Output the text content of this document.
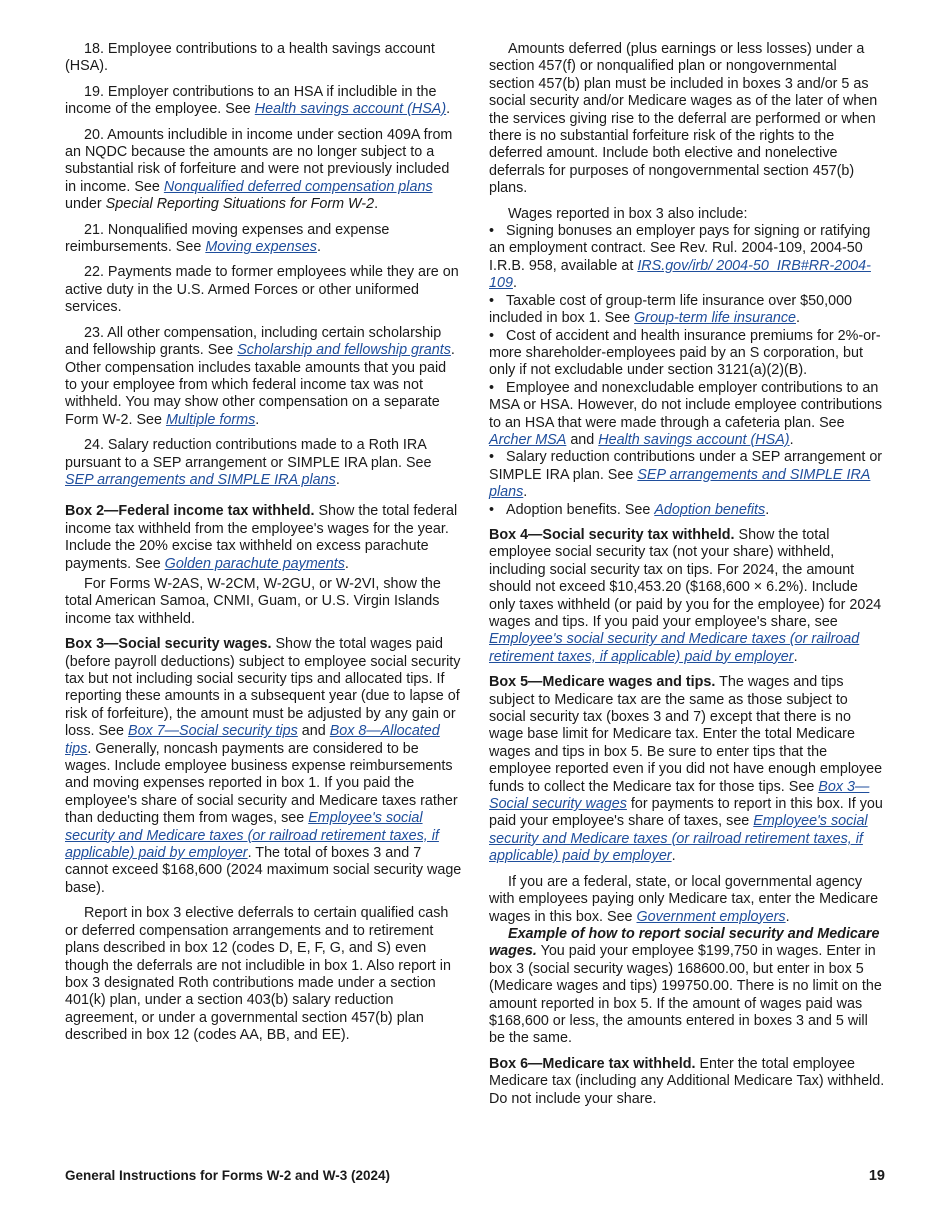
18. Employee contributions to a health savings account (HSA).

19. Employer contributions to an HSA if includible in the income of the employee. See Health savings account (HSA).

20. Amounts includible in income under section 409A from an NQDC because the amounts are no longer subject to a substantial risk of forfeiture and were not previously included in income. See Nonqualified deferred compensation plans under Special Reporting Situations for Form W-2.

21. Nonqualified moving expenses and expense reimbursements. See Moving expenses.

22. Payments made to former employees while they are on active duty in the U.S. Armed Forces or other uniformed services.

23. All other compensation, including certain scholarship and fellowship grants. See Scholarship and fellowship grants. Other compensation includes taxable amounts that you paid to your employee from which federal income tax was not withheld. You may show other compensation on a separate Form W-2. See Multiple forms.

24. Salary reduction contributions made to a Roth IRA pursuant to a SEP arrangement or SIMPLE IRA plan. See SEP arrangements and SIMPLE IRA plans.

Box 2—Federal income tax withheld. Show the total federal income tax withheld from the employee's wages for the year. Include the 20% excise tax withheld on excess parachute payments. See Golden parachute payments.

For Forms W-2AS, W-2CM, W-2GU, or W-2VI, show the total American Samoa, CNMI, Guam, or U.S. Virgin Islands income tax withheld.

Box 3—Social security wages. Show the total wages paid (before payroll deductions) subject to employee social security tax but not including social security tips and allocated tips. If reporting these amounts in a subsequent year (due to lapse of risk of forfeiture), the amount must be adjusted by any gain or loss. See Box 7—Social security tips and Box 8—Allocated tips. Generally, noncash payments are considered to be wages. Include employee business expense reimbursements and moving expenses reported in box 1. If you paid the employee's share of social security and Medicare taxes rather than deducting them from wages, see Employee's social security and Medicare taxes (or railroad retirement taxes, if applicable) paid by employer. The total of boxes 3 and 7 cannot exceed $168,600 (2024 maximum social security wage base).

Report in box 3 elective deferrals to certain qualified cash or deferred compensation arrangements and to retirement plans described in box 12 (codes D, E, F, G, and S) even though the deferrals are not includible in box 1. Also report in box 3 designated Roth contributions made under a section 401(k) plan, under a section 403(b) salary reduction agreement, or under a governmental section 457(b) plan described in box 12 (codes AA, BB, and EE).

Amounts deferred (plus earnings or less losses) under a section 457(f) or nonqualified plan or nongovernmental section 457(b) plan must be included in boxes 3 and/or 5 as social security and/or Medicare wages as of the later of when the services giving rise to the deferral are performed or when there is no substantial forfeiture risk of the rights to the deferred amount. Include both elective and nonelective deferrals for purposes of nongovernmental section 457(b) plans.

Wages reported in box 3 also include:

• Signing bonuses an employer pays for signing or ratifying an employment contract. See Rev. Rul. 2004-109, 2004-50 I.R.B. 958, available at IRS.gov/irb/ 2004-50_IRB#RR-2004-109.

• Taxable cost of group-term life insurance over $50,000 included in box 1. See Group-term life insurance.

• Cost of accident and health insurance premiums for 2%-or-more shareholder-employees paid by an S corporation, but only if not excludable under section 3121(a)(2)(B).

• Employee and nonexcludable employer contributions to an MSA or HSA. However, do not include employee contributions to an HSA that were made through a cafeteria plan. See Archer MSA and Health savings account (HSA).

• Salary reduction contributions under a SEP arrangement or SIMPLE IRA plan. See SEP arrangements and SIMPLE IRA plans.

• Adoption benefits. See Adoption benefits.

Box 4—Social security tax withheld. Show the total employee social security tax (not your share) withheld, including social security tax on tips. For 2024, the amount should not exceed $10,453.20 ($168,600 × 6.2%). Include only taxes withheld (or paid by you for the employee) for 2024 wages and tips. If you paid your employee's share, see Employee's social security and Medicare taxes (or railroad retirement taxes, if applicable) paid by employer.

Box 5—Medicare wages and tips. The wages and tips subject to Medicare tax are the same as those subject to social security tax (boxes 3 and 7) except that there is no wage base limit for Medicare tax. Enter the total Medicare wages and tips in box 5. Be sure to enter tips that the employee reported even if you did not have enough employee funds to collect the Medicare tax for those tips. See Box 3—Social security wages for payments to report in this box. If you paid your employee's share of taxes, see Employee's social security and Medicare taxes (or railroad retirement taxes, if applicable) paid by employer.

If you are a federal, state, or local governmental agency with employees paying only Medicare tax, enter the Medicare wages in this box. See Government employers.

Example of how to report social security and Medicare wages. You paid your employee $199,750 in wages. Enter in box 3 (social security wages) 168600.00, but enter in box 5 (Medicare wages and tips) 199750.00. There is no limit on the amount reported in box 5. If the amount of wages paid was $168,600 or less, the amounts entered in boxes 3 and 5 will be the same.

Box 6—Medicare tax withheld. Enter the total employee Medicare tax (including any Additional Medicare Tax) withheld. Do not include your share.

General Instructions for Forms W-2 and W-3 (2024)	19
